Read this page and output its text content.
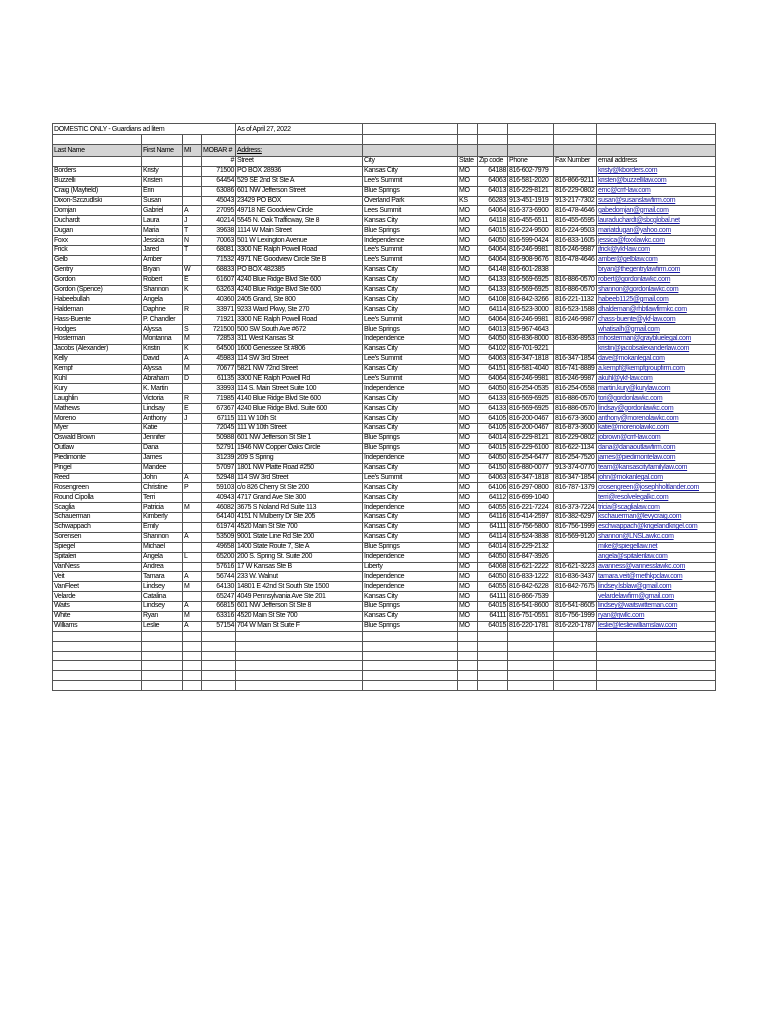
DOMESTIC ONLY - Guardians ad litem				As of April 27, 2022						

Last Name	First Name	MI	MOBAR #	Address:						
			#	Street	City	State	Zip code	Phone	Fax Number	email address
Borders	Kristy		71500	PO BOX 28936	Kansas City	MO	64188	816-602-7979		kristy@kborders.com
Buzzelli	Kristen		64454	529 SE 2nd St Ste A	Lee's Summit	MO	64063	816-581-2020	816-866-9211	kristen@buzzellilaw.com
Craig (Mayfield)	Erin		63086	601 NW Jefferson Street	Blue Springs	MO	64013	816-229-8121	816-229-0802	emc@crrf-law.com
Dixon-Szczudlski	Susan		45043	23429 PO BOX	Overland Park	KS	66283	913-451-1919	913-217-7302	susan@susanslawfirm.com
Domjan	Gabriel	A	27095	49718 NE Goodview Circle	Lees Summit	MO	64064	816-373-6900	816-478-4646	gabedomjan@gmail.com
Duchardt	Laura	J	40214	5545 N. Oak Trafficway, Ste 8	Kansas City	MO	64118	816-455-6511	816-455-6595	lauraduchardt@sbcglobal.net
Dugan	Maria	T	39638	1114 W Main Street	Blue Springs	MO	64015	816-224-9500	816-224-9503	mariatdugan@yahoo.com
Foxx	Jessica	N	70063	501 W Lexington Avenue	Independence	MO	64050	816-599-0424	816-833-1605	jessica@foxxlawkc.com
Frick	Jared	T	68081	3300 NE Ralph Powell Road	Lee's Summit	MO	64064	816-246-9981	816-246-9987	jfrick@ykf-law.com
Gelb	Amber		71532	4971 NE Goodview Circle Ste B	Lee's Summit	MO	64064	816-908-9676	816-478-4646	amber@gelblaw.com
Gentry	Bryan	W	68833	PO BOX 482385	Kansas City	MO	64148	816-601-2838		bryan@thegentrylawfirm.com
Gordon	Robert	E	61607	4240 Blue Ridge Blvd Ste 600	Kansas City	MO	64133	816-569-6925	816-886-0570	robert@gordonlawkc.com
Gordon (Spence)	Shannon	K	63263	4240 Blue Ridge Blvd Ste 600	Kansas City	MO	64133	816-569-6925	816-886-0570	shannon@gordonlawkc.com
Habeebullah	Angela		40360	2405 Grand, Ste 800	Kansas City	MO	64108	816-842-3266	816-221-1132	habeeb1125@gmail.com
Haldeman	Daphne	R	33971	9233 Ward Pkwy, Ste 270	Kansas City	MO	64114	816-523-3000	816-523-1588	dhaldeman@rhbtlawfirmkc.com
Hass-Buente	P. Chandler		71921	3300 NE Ralph Powell Road	Lee's Summit	MO	64064	816-246-9981	816-246-9987	chass-buente@ykf-law.com
Hodges	Alyssa	S	721500	500 SW South Ave #672	Blue Springs	MO	64013	815-967-4643		whatisalh@gmail.com
Hosterman	Montanna	M	72853	311 West Kansas St	Independence	MO	64050	816-836-8000	816-836-8953	mhosterman@graybluelegal.com
Jacobs (Alexander)	Kristin	K	64500	1600 Genessee St #806	Kansas City	MO	64102	816-701-9221		kristin@jacobsalexanderlaw.com
Kelly	David	A	45983	114 SW 3rd Street	Lee's Summit	MO	64063	816-347-1818	816-347-1854	dave@mokanlegal.com
Kempf	Alyssa	M	70677	5821 NW 72nd Street	Kansas City	MO	64151	816-581-4040	816-741-8889	a.kempf@kempfgroupfirm.com
Kuhl	Abraham	D	61135	3300 NE Ralph Powell Rd	Lee's Summit	MO	64064	816-246-9981	816-246-9987	akuhl@ykf-law.com
Kury	K. Martin		33993	114 S. Main Street Suite 100	Independence	MO	64050	816-254-0535	816-254-0558	martin.kury@kurylaw.com
Laughlin	Victoria	R	71985	4140 Blue Ridge Blvd Ste 600	Kansas City	MO	64133	816-569-6925	816-886-0570	tori@gordonlawkc.com
Mathews	Lindsay	E	67367	4240 Blue Ridge Blvd. Suite 600	Kansas City	MO	64133	816-569-6925	816-886-0570	lindsay@gordonlawkc.com
Moreno	Anthony	J	67115	111 W 10th St	Kansas City	MO	64105	816-200-0467	816-673-3600	anthony@morenolawkc.com
Myer	Katie		72045	111 W 10th Street	Kansas City	MO	64105	816-200-0467	816-873-3600	katie@morenolawkc.com
Oswald Brown	Jennifer		50988	601 NW Jefferson St Ste 1	Blue Springs	MO	64014	816-229-8121	816-229-0802	jobrown@crrf-law.com
Outlaw	Dana		52791	1946 NW Copper Oaks Circle	Blue Springs	MO	64015	816-229-6100	816-622-1134	dana@danaoutlawfirm.com
Piedimonte	James		31239	209 S Spring	Independence	MO	64050	816-254-6477	816-254-7520	james@piedimontelaw.com
Pingel	Mandee		57097	1801 NW Platte Road #250	Kansas City	MO	64150	816-880-0077	913-374-0770	team@kansascityfamilylaw.com
Reed	John	A	52948	114 SW 3rd Street	Lee's Summit	MO	64063	816-347-1818	816-347-1854	john@mokanlegal.com
Rosengreen	Christine	P	59103	c/o 826 Cherry St Ste 200	Kansas City	MO	64106	816-297-0800	816-787-1379	crosengreen@josephholtlander.com
Round Cipolla	Terri		40943	4717 Grand Ave Ste 300	Kansas City	MO	64112	816-699-1040		terri@resolvelegalkc.com
Scaglia	Patricia	M	46082	3675 S Noland Rd Suite 113	Independence	MO	64055	816-221-7224	816-373-7224	tricia@scaglialaw.com
Schauerman	Kimberly		64140	4151 N Mulberry Dr Ste 205	Kansas City	MO	64116	816-414-2597	816-382-6297	kschauerman@levycraig.com
Schwappach	Emily		61974	4520 Main St Ste 700	Kansas City	MO	64111	816-756-5800	816-756-1999	eschwappach@krigelandkrigel.com
Sorensen	Shannon	A	53509	9001 State Line Rd Ste 200	Kansas City	MO	64114	816-524-3838	816-569-9120	shannon@LNSLawkc.com
Spiegel	Michael		49658	1400 State Route 7, Ste A	Blue Springs	MO	64014	816-229-2132		mike@spiegellaw.net
Spitaleri	Angela	L	65200	200 S. Spring St. Suite 200	Independence	MO	64050	816-847-3926		angela@spitalerilaw.com
VanNess	Andrea		57616	17 W Kansas Ste B	Liberty	MO	64068	816-621-2222	816-621-3223	avanness@vannesslawkc.com
Veit	Tamara	A	56744	233 W. Walnut	Independence	MO	64050	816-833-1222	816-836-3437	tamara.veit@methkpclaw.com
VanFleet	Lindsey	M	64130	14801 E 42nd St South Ste 1500	Independence	MO	64055	816-842-6228	816-842-7675	lindsey.lsblaw@gmail.com
Velarde	Catalina		65247	4049 Pennsylvania Ave Ste 201	Kansas City	MO	64111	816-866-7539		velardelawfirm@gmail.com
Waits	Lindsey	A	66815	601 NW Jefferson St Ste 8	Blue Springs	MO	64015	816-541-8600	816-541-8605	lindsey@waitswitteman.com
White	Ryan	M	63316	4520 Main St Ste 700	Kansas City	MO	64111	816-751-0551	816-756-1999	ryan@rjwllc.com
Williams	Leslie	A	57154	704 W Main St Suite F	Blue Springs	MO	64015	816-220-1781	816-220-1787	leslie@lesliewilliamslaw.com
